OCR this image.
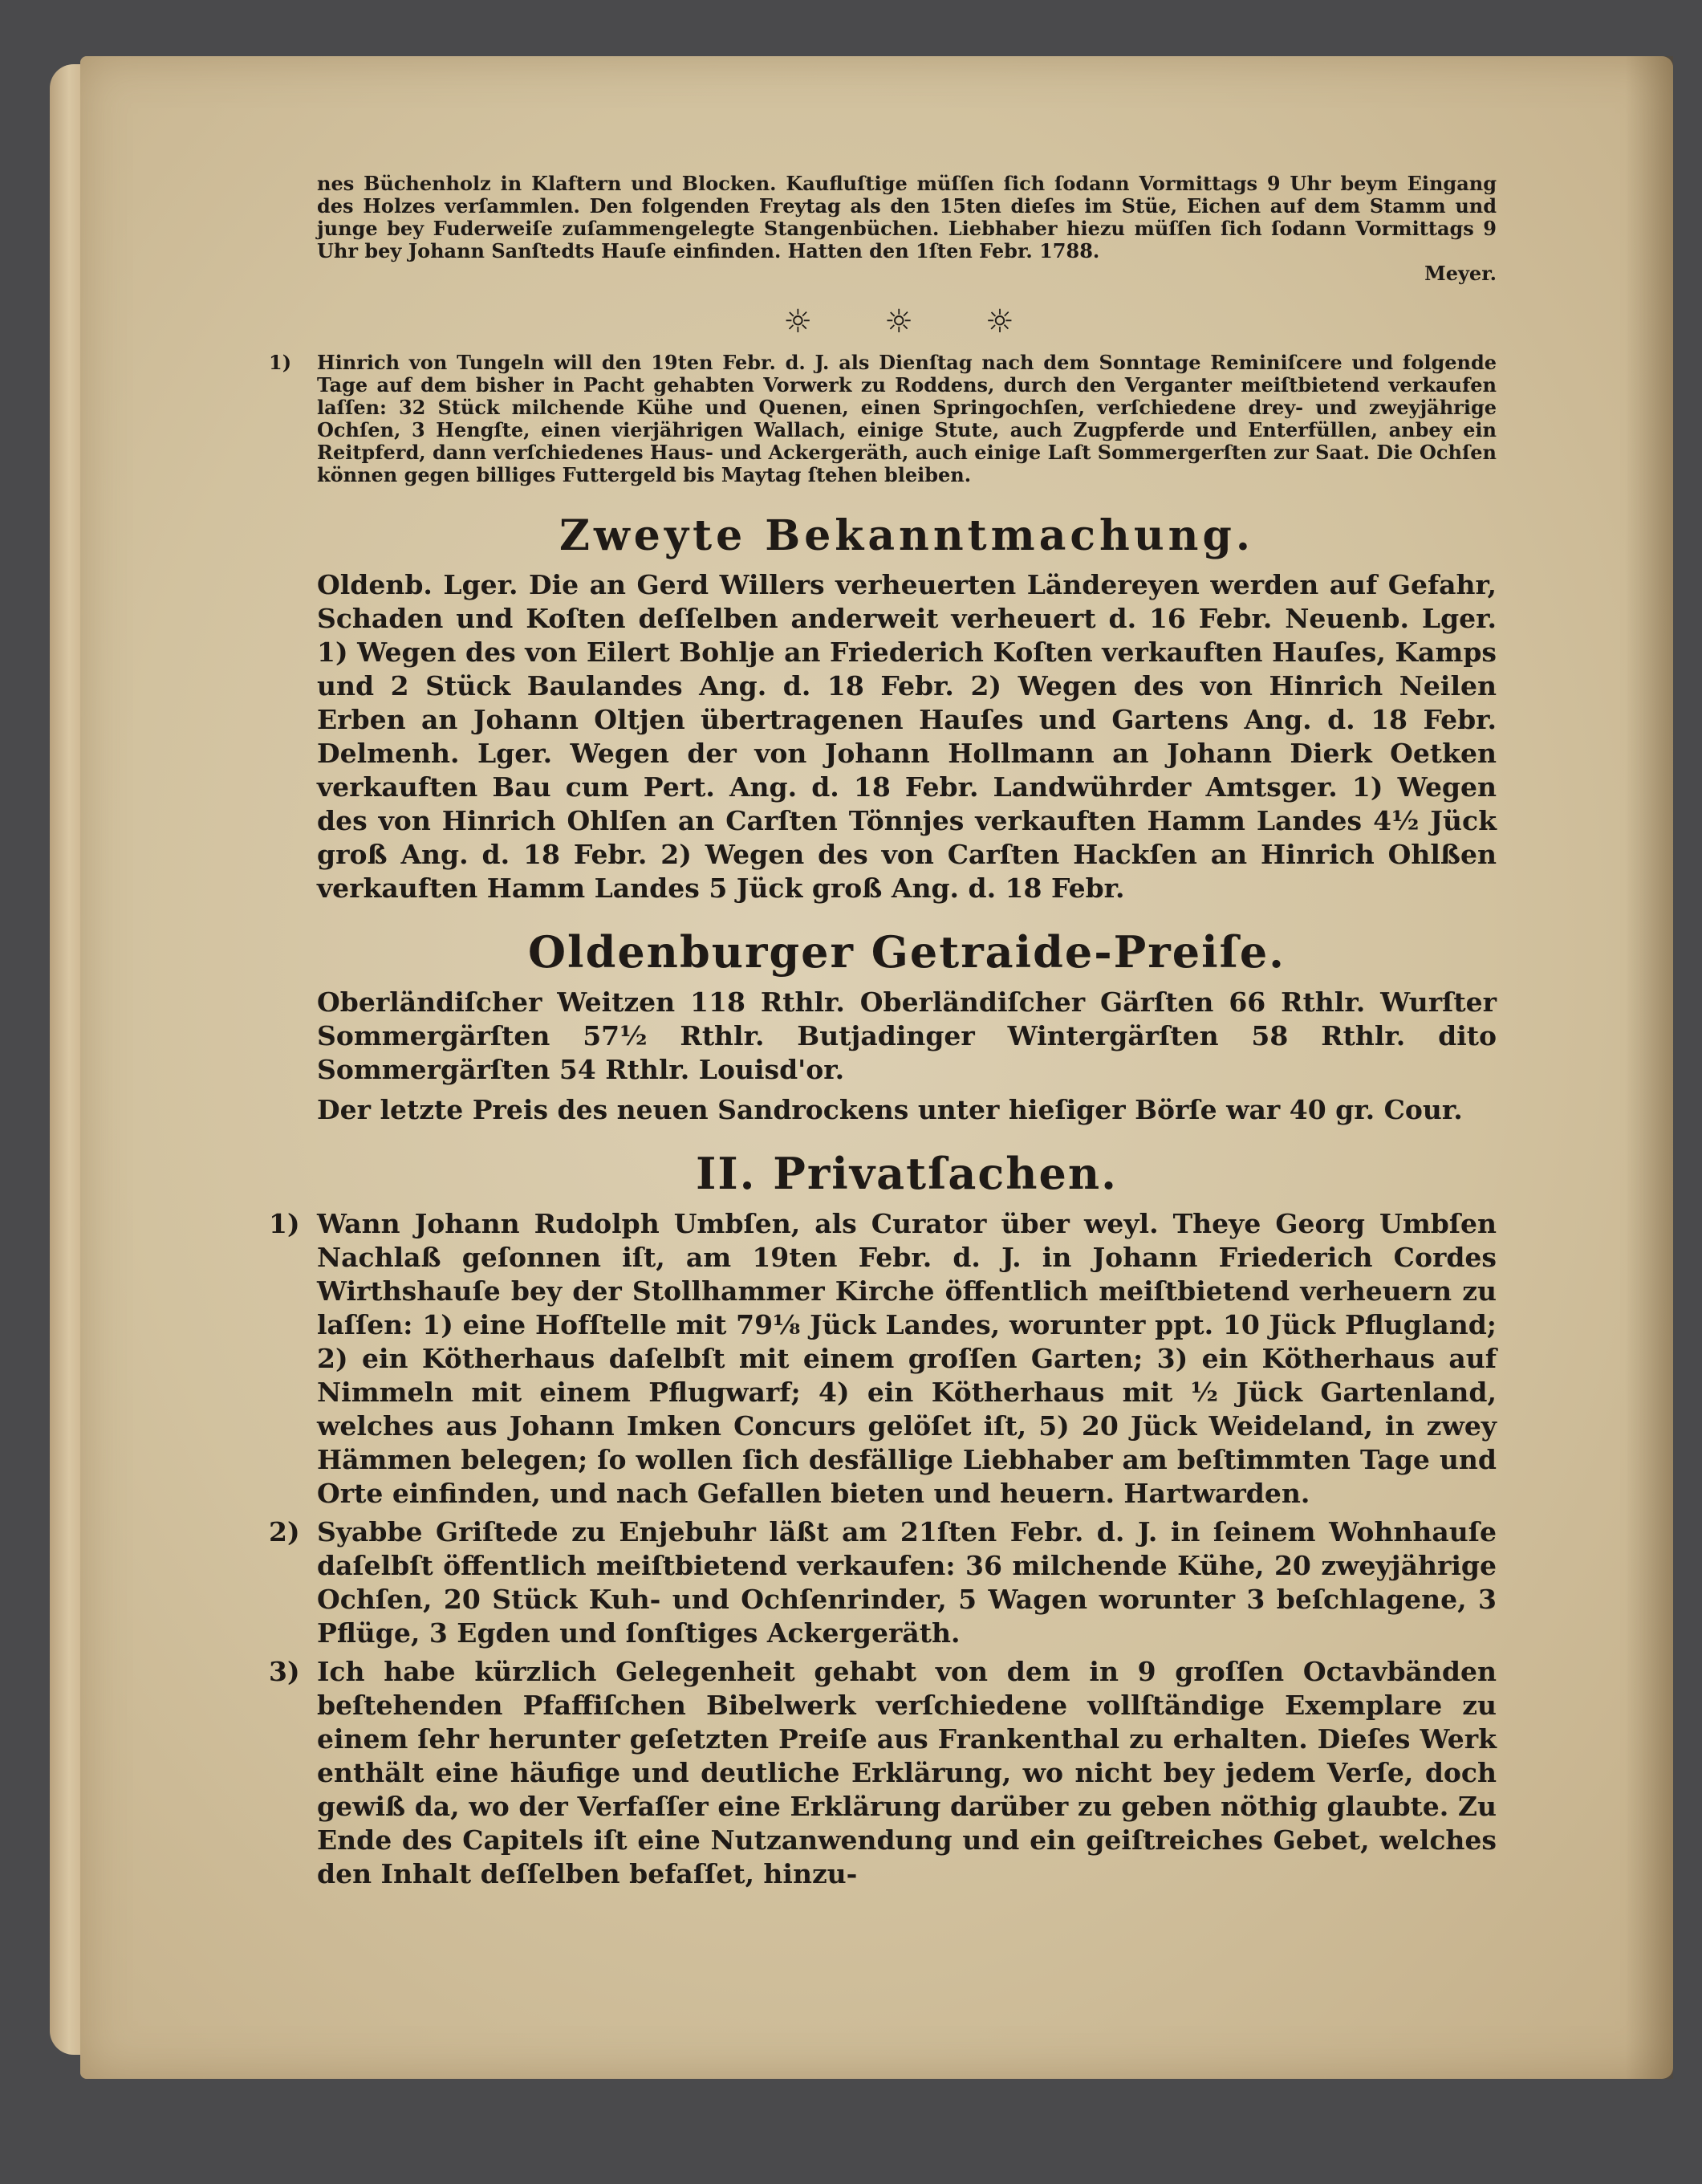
nes Büchenholz in Klaftern und Blocken. Kaufluſtige müſſen ſich ſodann Vormittags 9 Uhr beym Eingang des Holzes verſammlen. Den folgenden Freytag als den 15ten dieſes im Stüe, Eichen auf dem Stamm und junge bey Fuderweiſe zuſammengelegte Stangenbüchen. Liebhaber hiezu müſſen ſich ſodann Vormittags 9 Uhr bey Johann Sanſtedts Hauſe einfinden. Hatten den 1ſten Febr. 1788.

Meyer.

☼☼☼
1) Hinrich von Tungeln will den 19ten Febr. d. J. als Dienſtag nach dem Sonntage Reminiſcere und folgende Tage auf dem bisher in Pacht gehabten Vorwerk zu Roddens, durch den Verganter meiſtbietend verkaufen laſſen: 32 Stück milchende Kühe und Quenen, einen Springochſen, verſchiedene drey- und zweyjährige Ochſen, 3 Hengſte, einen vierjährigen Wallach, einige Stute, auch Zugpferde und Enterfüllen, anbey ein Reitpferd, dann verſchiedenes Haus- und Ackergeräth, auch einige Laſt Sommergerſten zur Saat. Die Ochſen können gegen billiges Futtergeld bis Maytag ſtehen bleiben.

Zweyte Bekanntmachung.

Oldenb. Lger. Die an Gerd Willers verheuerten Ländereyen werden auf Gefahr, Schaden und Koſten deſſelben anderweit verheuert d. 16 Febr. Neuenb. Lger. 1) Wegen des von Eilert Bohlje an Friederich Koſten verkauften Hauſes, Kamps und 2 Stück Baulandes Ang. d. 18 Febr. 2) Wegen des von Hinrich Neilen Erben an Johann Oltjen übertragenen Hauſes und Gartens Ang. d. 18 Febr. Delmenh. Lger. Wegen der von Johann Hollmann an Johann Dierk Oetken verkauften Bau cum Pert. Ang. d. 18 Febr. Landwührder Amtsger. 1) Wegen des von Hinrich Ohlſen an Carſten Tönnjes verkauften Hamm Landes 4½ Jück groß Ang. d. 18 Febr. 2) Wegen des von Carſten Hackſen an Hinrich Ohlßen verkauften Hamm Landes 5 Jück groß Ang. d. 18 Febr.

Oldenburger Getraide-Preiſe.

Oberländiſcher Weitzen 118 Rthlr. Oberländiſcher Gärſten 66 Rthlr. Wurſter Sommergärſten 57½ Rthlr. Butjadinger Wintergärſten 58 Rthlr. dito Sommergärſten 54 Rthlr. Louisd'or.

Der letzte Preis des neuen Sandrockens unter hieſiger Börſe war 40 gr. Cour.

II. Privatſachen.
1) Wann Johann Rudolph Umbſen, als Curator über weyl. Theye Georg Umbſen Nachlaß geſonnen iſt, am 19ten Febr. d. J. in Johann Friederich Cordes Wirthshauſe bey der Stollhammer Kirche öffentlich meiſtbietend verheuern zu laſſen: 1) eine Hofſtelle mit 79⅛ Jück Landes, worunter ppt. 10 Jück Pflugland; 2) ein Kötherhaus daſelbſt mit einem groſſen Garten; 3) ein Kötherhaus auf Nimmeln mit einem Pflugwarf; 4) ein Kötherhaus mit ½ Jück Gartenland, welches aus Johann Imken Concurs gelöſet iſt, 5) 20 Jück Weideland, in zwey Hämmen belegen; ſo wollen ſich desfällige Liebhaber am beſtimmten Tage und Orte einfinden, und nach Gefallen bieten und heuern. Hartwarden.

2) Syabbe Griſtede zu Enjebuhr läßt am 21ſten Febr. d. J. in ſeinem Wohnhauſe daſelbſt öffentlich meiſtbietend verkaufen: 36 milchende Kühe, 20 zweyjährige Ochſen, 20 Stück Kuh- und Ochſenrinder, 5 Wagen worunter 3 beſchlagene, 3 Pflüge, 3 Egden und ſonſtiges Ackergeräth.

3) Ich habe kürzlich Gelegenheit gehabt von dem in 9 groſſen Octavbänden beſtehenden Pfaffiſchen Bibelwerk verſchiedene vollſtändige Exemplare zu einem ſehr herunter geſetzten Preiſe aus Frankenthal zu erhalten. Dieſes Werk enthält eine häufige und deutliche Erklärung, wo nicht bey jedem Verſe, doch gewiß da, wo der Verfaſſer eine Erklärung darüber zu geben nöthig glaubte. Zu Ende des Capitels iſt eine Nutzanwendung und ein geiſtreiches Gebet, welches den Inhalt deſſelben befaſſet, hinzu-
